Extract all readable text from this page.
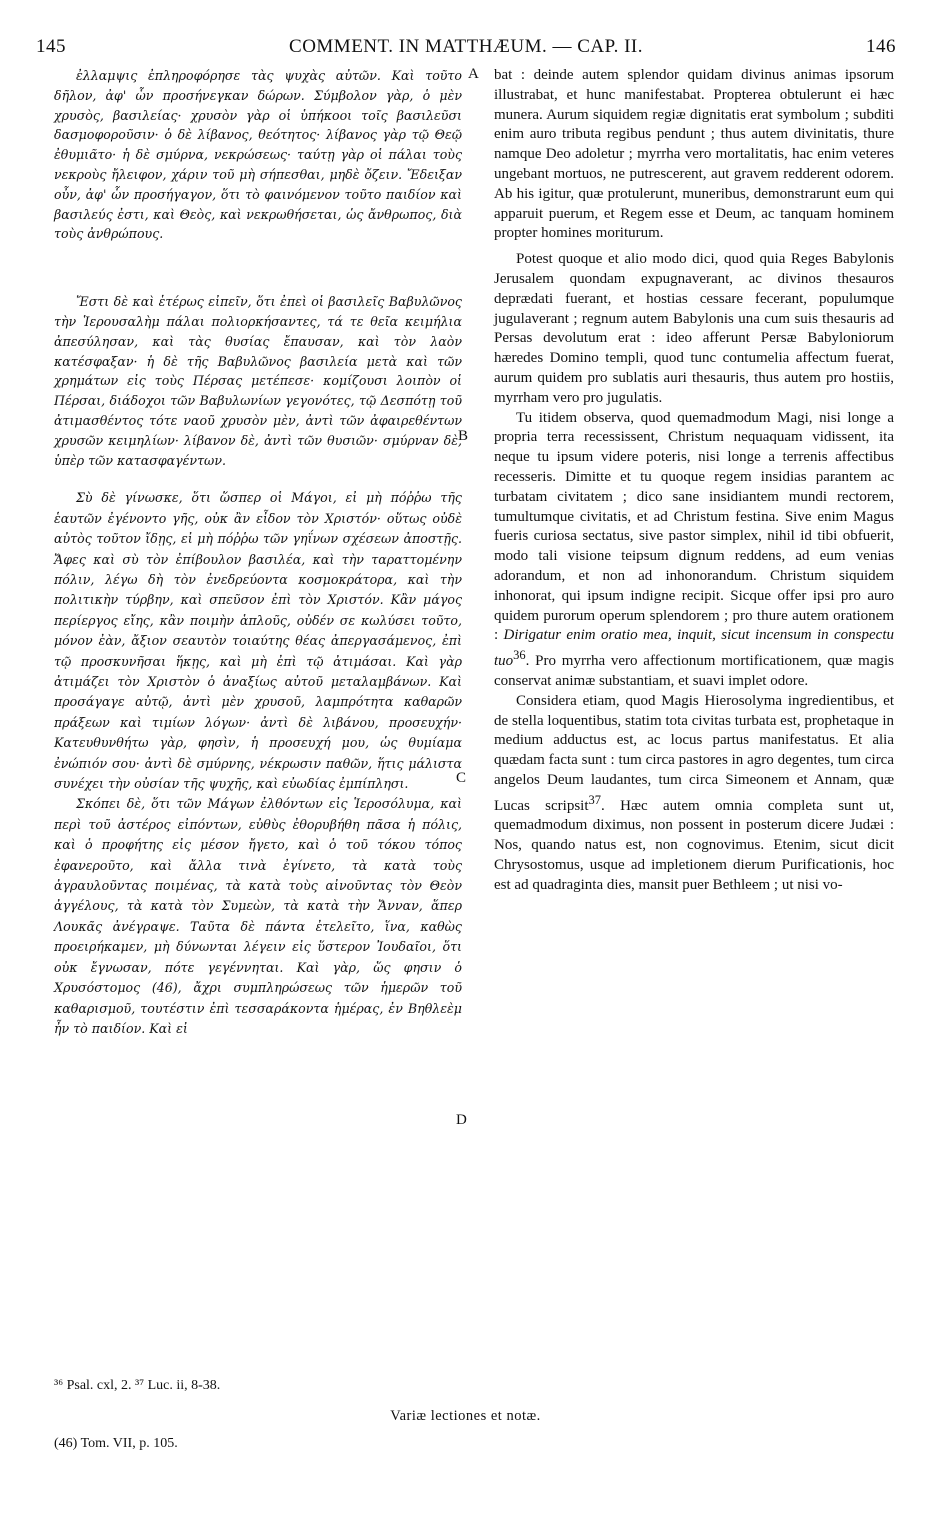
145	COMMENT. IN MATTHÆUM. — CAP. II.	146

ἐλλαμψις ἐπληροφόρησε τὰς ψυχὰς αὐτῶν. Καὶ τοῦτο δῆλον, ἀφ' ὧν προσήνεγκαν δώρων. Σύμβολον γὰρ, ὁ μὲν χρυσὸς, βασιλείας· χρυσὸν γὰρ οἱ ὑπήκοοι τοῖς βασιλεῦσι δασμοφοροῦσιν· ὁ δὲ λίβανος, θεότητος· λίβανος γὰρ τῷ Θεῷ ἐθυμιᾶτο· ἡ δὲ σμύρνα, νεκρώσεως· ταύτῃ γὰρ οἱ πάλαι τοὺς νεκροὺς ἤλειφον, χάριν τοῦ μὴ σήπεσθαι, μηδὲ ὄζειν. Ἔδειξαν οὖν, ἀφ' ὧν προσήγαγον, ὅτι τὸ φαινόμενον τοῦτο παιδίον καὶ βασιλεύς ἐστι, καὶ Θεὸς, καὶ νεκρωθήσεται, ὡς ἄνθρωπος, διὰ τοὺς ἀνθρώπους.

Ἔστι δὲ καὶ ἑτέρως εἰπεῖν, ὅτι ἐπεὶ οἱ βασιλεῖς Βαβυλῶνος τὴν Ἱερουσαλὴμ πάλαι πολιορκήσαντες, τά τε θεῖα κειμήλια ἀπεσύλησαν, καὶ τὰς θυσίας ἔπαυσαν, καὶ τὸν λαὸν κατέσφαξαν· ἡ δὲ τῆς Βαβυλῶνος βασιλεία μετὰ καὶ τῶν χρημάτων εἰς τοὺς Πέρσας μετέπεσε· κομίζουσι λοιπὸν οἱ Πέρσαι, διάδοχοι τῶν Βαβυλωνίων γεγονότες, τῷ Δεσπότῃ τοῦ ἀτιμασθέντος τότε ναοῦ χρυσὸν μὲν, ἀντὶ τῶν ἀφαιρεθέντων χρυσῶν κειμηλίων· λίβανον δὲ, ἀντὶ τῶν θυσιῶν· σμύρναν δὲ, ὑπὲρ τῶν κατασφαγέντων.

Σὺ δὲ γίνωσκε, ὅτι ὥσπερ οἱ Μάγοι, εἰ μὴ πόῤῥω τῆς ἑαυτῶν ἐγένοντο γῆς, οὐκ ἂν εἶδον τὸν Χριστόν· οὕτως οὐδὲ αὐτὸς τοῦτον ἴδῃς, εἰ μὴ πόῤῥω τῶν γηΐνων σχέσεων ἀποστῇς. Ἄφες καὶ σὺ τὸν ἐπίβουλον βασιλέα, καὶ τὴν ταραττομένην πόλιν, λέγω δὴ τὸν ἐνεδρεύοντα κοσμοκράτορα, καὶ τὴν πολιτικὴν τύρβην, καὶ σπεῦσον ἐπὶ τὸν Χριστόν. Κἂν μάγος περίεργος εἴης, κἂν ποιμὴν ἁπλοῦς, οὐδέν σε κωλύσει τοῦτο, μόνον ἐὰν, ἄξιον σεαυτὸν τοιαύτης θέας ἀπεργασάμενος, ἐπὶ τῷ προσκυνῆσαι ἥκῃς, καὶ μὴ ἐπὶ τῷ ἀτιμάσαι. Καὶ γὰρ ἀτιμάζει τὸν Χριστὸν ὁ ἀναξίως αὐτοῦ μεταλαμβάνων. Καὶ προσάγαγε αὐτῷ, ἀντὶ μὲν χρυσοῦ, λαμπρότητα καθαρῶν πράξεων καὶ τιμίων λόγων· ἀντὶ δὲ λιβάνου, προσευχήν· Κατευθυνθήτω γὰρ, φησὶν, ἡ προσευχή μου, ὡς θυμίαμα ἐνώπιόν σου· ἀντὶ δὲ σμύρνης, νέκρωσιν παθῶν, ἥτις μάλιστα συνέχει τὴν οὐσίαν τῆς ψυχῆς, καὶ εὐωδίας ἐμπίπλησι.

Σκόπει δὲ, ὅτι τῶν Μάγων ἐλθόντων εἰς Ἱεροσόλυμα, καὶ περὶ τοῦ ἀστέρος εἰπόντων, εὐθὺς ἐθορυβήθη πᾶσα ἡ πόλις, καὶ ὁ προφήτης εἰς μέσον ἤγετο, καὶ ὁ τοῦ τόκου τόπος ἐφανεροῦτο, καὶ ἄλλα τινὰ ἐγίνετο, τὰ κατὰ τοὺς ἀγραυλοῦντας ποιμένας, τὰ κατὰ τοὺς αἰνοῦντας τὸν Θεὸν ἀγγέλους, τὰ κατὰ τὸν Συμεὼν, τὰ κατὰ τὴν Ἄνναν, ἅπερ Λουκᾶς ἀνέγραψε. Ταῦτα δὲ πάντα ἐτελεῖτο, ἵνα, καθὼς προειρήκαμεν, μὴ δύνωνται λέγειν εἰς ὕστερον Ἰουδαῖοι, ὅτι οὐκ ἔγνωσαν, πότε γεγέννηται. Καὶ γὰρ, ὥς φησιν ὁ Χρυσόστομος (46), ἄχρι συμπληρώσεως τῶν ἡμερῶν τοῦ καθαρισμοῦ, τουτέστιν ἐπὶ τεσσαράκοντα ἡμέρας, ἐν Βηθλεὲμ ἦν τὸ παιδίον. Καὶ εἰ

A
B
C
D

bat : deinde autem splendor quidam divinus animas ipsorum illustrabat, et hunc manifestabat. Propterea obtulerunt ei hæc munera. Aurum siquidem regiæ dignitatis erat symbolum ; subditi enim auro tributa regibus pendunt ; thus autem divinitatis, thure namque Deo adoletur ; myrrha vero mortalitatis, hac enim veteres ungebant mortuos, ne putrescerent, aut gravem redderent odorem. Ab his igitur, quæ protulerunt, muneribus, demonstrarunt eum qui apparuit puerum, et Regem esse et Deum, ac tanquam hominem propter homines moriturum.

Potest quoque et alio modo dici, quod quia Reges Babylonis Jerusalem quondam expugnaverant, ac divinos thesauros deprædati fuerant, et hostias cessare fecerant, populumque jugulaverant ; regnum autem Babylonis una cum suis thesauris ad Persas devolutum erat : ideo afferunt Persæ Babyloniorum hæredes Domino templi, quod tunc contumelia affectum fuerat, aurum quidem pro sublatis auri thesauris, thus autem pro hostiis, myrrham vero pro jugulatis.

Tu itidem observa, quod quemadmodum Magi, nisi longe a propria terra recessissent, Christum nequaquam vidissent, ita neque tu ipsum videre poteris, nisi longe a terrenis affectibus recesseris. Dimitte et tu quoque regem insidias parantem ac turbatam civitatem ; dico sane insidiantem mundi rectorem, tumultumque civitatis, et ad Christum festina. Sive enim Magus fueris curiosa sectatus, sive pastor simplex, nihil id tibi obfuerit, modo tali visione teipsum dignum reddens, ad eum venias adorandum, et non ad inhonorandum. Christum siquidem inhonorat, qui ipsum indigne recipit. Sicque offer ipsi pro auro quidem purorum operum splendorem ; pro thure autem orationem : Dirigatur enim oratio mea, inquit, sicut incensum in conspectu tuo$^{36}$. Pro myrrha vero affectionum mortificationem, quæ magis conservat animæ substantiam, et suavi implet odore.

Considera etiam, quod Magis Hierosolyma ingredientibus, et de stella loquentibus, statim tota civitas turbata est, prophetaque in medium adductus est, ac locus partus manifestatus. Et alia quædam facta sunt : tum circa pastores in agro degentes, tum circa angelos Deum laudantes, tum circa Simeonem et Annam, quæ Lucas scripsit$^{37}$. Hæc autem omnia completa sunt ut, quemadmodum diximus, non possent in posterum dicere Judæi : Nos, quando natus est, non cognovimus. Etenim, sicut dicit Chrysostomus, usque ad impletionem dierum Purificationis, hoc est ad quadraginta dies, mansit puer Bethleem ; ut nisi vo-

³⁶ Psal. cxl, 2. ³⁷ Luc. ii, 8-38.
Variæ lectiones et notæ.
(46) Tom. VII, p. 105.
